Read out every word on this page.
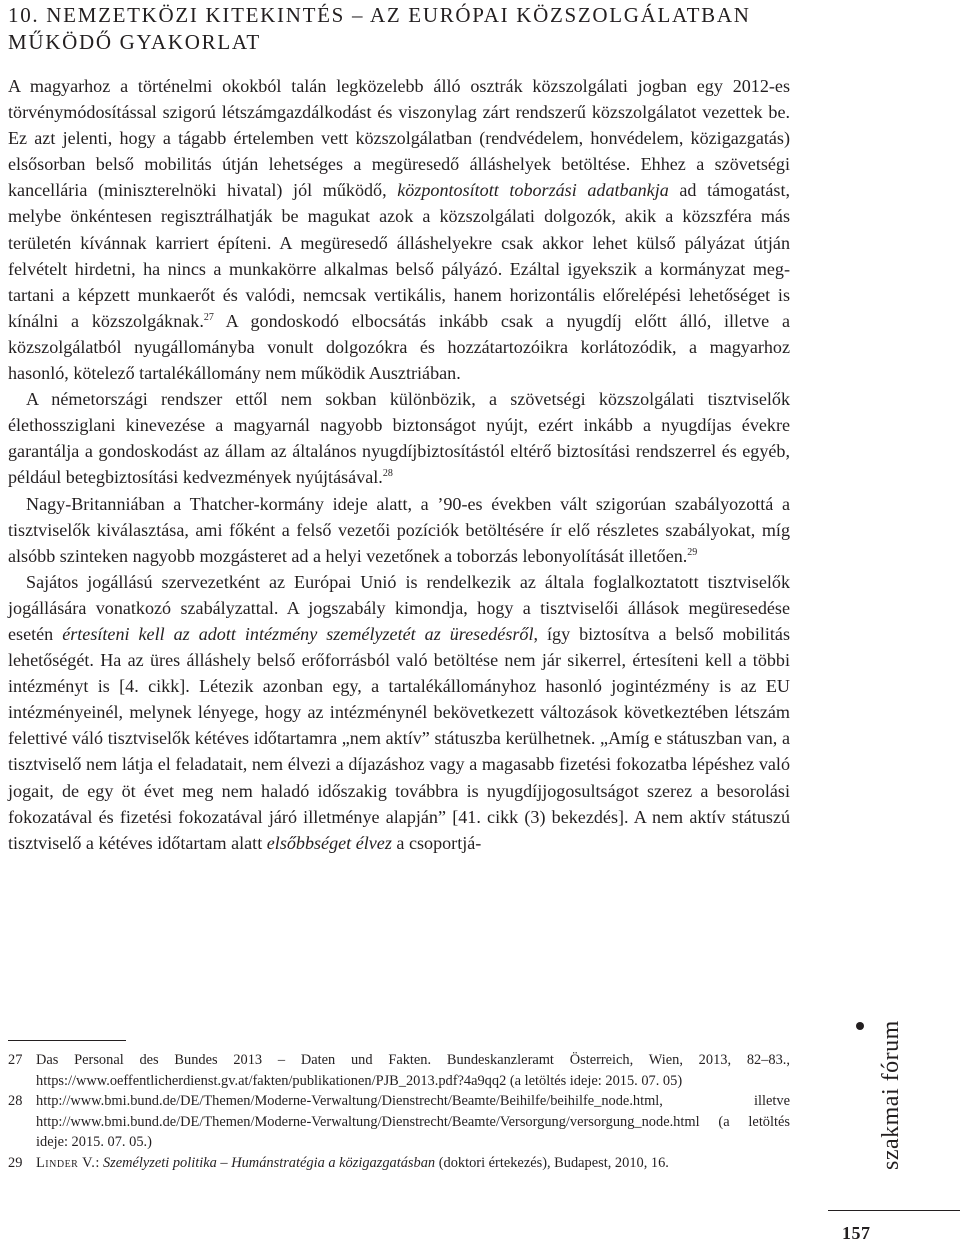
10. NEMZETKÖZI KITEKINTÉS – AZ EURÓPAI KÖZSZOLGÁLATBAN MŰKÖDŐ GYAKORLAT

A magyarhoz a történelmi okokból talán legközelebb álló osztrák közszolgálati jogban egy 2012-es törvénymódosítással szigorú létszámgazdálkodást és viszonylag zárt rendszerű közszolgálatot vezettek be. Ez azt jelenti, hogy a tágabb értelemben vett közszolgálatban (rendvédelem, honvédelem, közigazgatás) elsősorban belső mobilitás útján lehetséges a megüresedő álláshelyek betöltése. Ehhez a szövetségi kancellária (miniszterelnöki hivatal) jól működő, központosított toborzási adatbankja ad támogatást, melybe önkéntesen regisztrálhatják be magukat azok a közszolgálati dolgozók, akik a közszféra más területén kívánnak karriert építeni. A megüresedő álláshelyekre csak akkor lehet külső pályázat útján felvételt hirdetni, ha nincs a munkakörre alkalmas belső pályázó. Ezáltal igyekszik a kormányzat megtartani a képzett munkaerőt és valódi, nemcsak vertikális, hanem horizontális előrelépési lehetőséget is kínálni a közszolgáknak.$^{27}$ A gondoskodó elbocsátás inkább csak a nyugdíj előtt álló, illetve a közszolgálatból nyugállományba vonult dolgozókra és hozzátartozóikra korlátozódik, a magyarhoz hasonló, kötelező tartalékállomány nem működik Ausztriában.

A németországi rendszer ettől nem sokban különbözik, a szövetségi közszolgálati tisztviselők élethossziglani kinevezése a magyarnál nagyobb biztonságot nyújt, ezért inkább a nyugdíjas évekre garantálja a gondoskodást az állam az általános nyugdíjbiztosítástól eltérő biztosítási rendszerrel és egyéb, például betegbiztosítási kedvezmények nyújtásával.$^{28}$

Nagy-Britanniában a Thatcher-kormány ideje alatt, a ’90-es években vált szigorúan szabályozottá a tisztviselők kiválasztása, ami főként a felső vezetői pozíciók betöltésére ír elő részletes szabályokat, míg alsóbb szinteken nagyobb mozgásteret ad a helyi vezetőnek a toborzás lebonyolítását illetően.$^{29}$

Sajátos jogállású szervezetként az Európai Unió is rendelkezik az általa foglalkoztatott tisztviselők jogállására vonatkozó szabályzattal. A jogszabály kimondja, hogy a tisztviselői állások megüresedése esetén értesíteni kell az adott intézmény személyzetét az üresedésről, így biztosítva a belső mobilitás lehetőségét. Ha az üres álláshely belső erőforrásból való betöltése nem jár sikerrel, értesíteni kell a többi intézményt is [4. cikk]. Létezik azonban egy, a tartalékállományhoz hasonló jogintézmény is az EU intézményeinél, melynek lényege, hogy az intézménynél bekövetkezett változások következtében létszám felettivé váló tisztviselők kétéves időtartamra „nem aktív” státuszba kerülhetnek. „Amíg e státuszban van, a tisztviselő nem látja el feladatait, nem élvezi a díjazáshoz vagy a magasabb fizetési fokozatba lépéshez való jogait, de egy öt évet meg nem haladó időszakig továbbra is nyugdíjjogosultságot szerez a besorolási fokozatával és fizetési fokozatával járó illetménye alapján” [41. cikk (3) bekezdés]. A nem aktív státuszú tisztviselő a kétéves időtartam alatt elsőbbséget élvez a csoportjá-

27 Das Personal des Bundes 2013 – Daten und Fakten. Bundeskanzleramt Österreich, Wien, 2013, 82–83., https://www.oeffentlicherdienst.gv.at/fakten/publikationen/PJB_2013.pdf?4a9qq2 (a letöltés ideje: 2015. 07. 05)
28 http://www.bmi.bund.de/DE/Themen/Moderne-Verwaltung/Dienstrecht/Beamte/Beihilfe/beihilfe_node.html, illetve http://www.bmi.bund.de/DE/Themen/Moderne-Verwaltung/Dienstrecht/Beamte/Versorgung/versorgung_node.html (a letöltés ideje: 2015. 07. 05.)
29 Linder V.: Személyzeti politika – Humánstratégia a közigazgatásban (doktori értekezés), Budapest, 2010, 16.	szakmai fórum
157
